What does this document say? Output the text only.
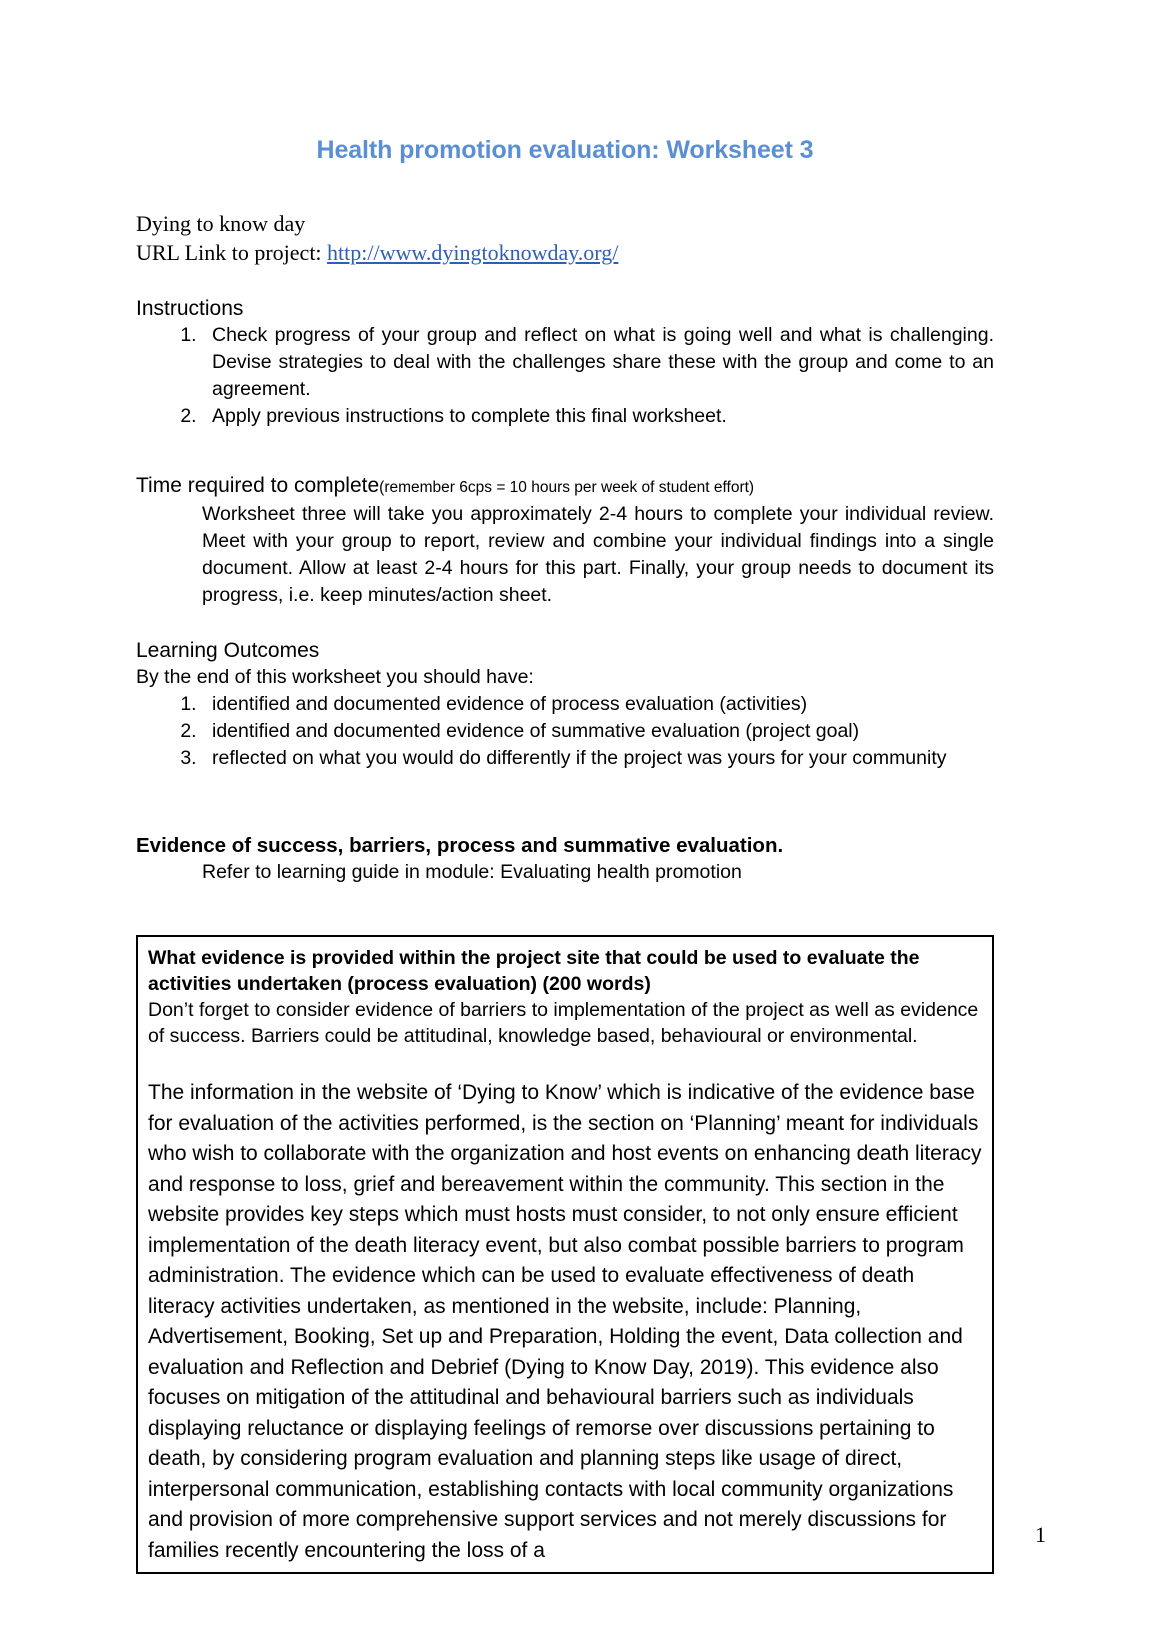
Health promotion evaluation: Worksheet 3
Dying to know day
URL Link to project: http://www.dyingtoknowday.org/
Instructions
1. Check progress of your group and reflect on what is going well and what is challenging. Devise strategies to deal with the challenges share these with the group and come to an agreement.
2. Apply previous instructions to complete this final worksheet.
Time required to complete(remember 6cps = 10 hours per week of student effort)
Worksheet three will take you approximately 2-4 hours to complete your individual review. Meet with your group to report, review and combine your individual findings into a single document. Allow at least 2-4 hours for this part. Finally, your group needs to document its progress, i.e. keep minutes/action sheet.
Learning Outcomes
By the end of this worksheet you should have:
1. identified and documented evidence of process evaluation (activities)
2. identified and documented evidence of summative evaluation (project goal)
3. reflected on what you would do differently if the project was yours for your community
Evidence of success, barriers, process and summative evaluation.
Refer to learning guide in module: Evaluating health promotion
What evidence is provided within the project site that could be used to evaluate the activities undertaken (process evaluation) (200 words)
Don’t forget to consider evidence of barriers to implementation of the project as well as evidence of success. Barriers could be attitudinal, knowledge based, behavioural or environmental.
The information in the website of ‘Dying to Know’ which is indicative of the evidence base for evaluation of the activities performed, is the section on ‘Planning’ meant for individuals who wish to collaborate with the organization and host events on enhancing death literacy and response to loss, grief and bereavement within the community. This section in the website provides key steps which must hosts must consider, to not only ensure efficient implementation of the death literacy event, but also combat possible barriers to program administration. The evidence which can be used to evaluate effectiveness of death literacy activities undertaken, as mentioned in the website, include: Planning, Advertisement, Booking, Set up and Preparation, Holding the event, Data collection and evaluation and Reflection and Debrief (Dying to Know Day, 2019). This evidence also focuses on mitigation of the attitudinal and behavioural barriers such as individuals displaying reluctance or displaying feelings of remorse over discussions pertaining to death, by considering program evaluation and planning steps like usage of direct, interpersonal communication, establishing contacts with local community organizations and provision of more comprehensive support services and not merely discussions for families recently encountering the loss of a
1
